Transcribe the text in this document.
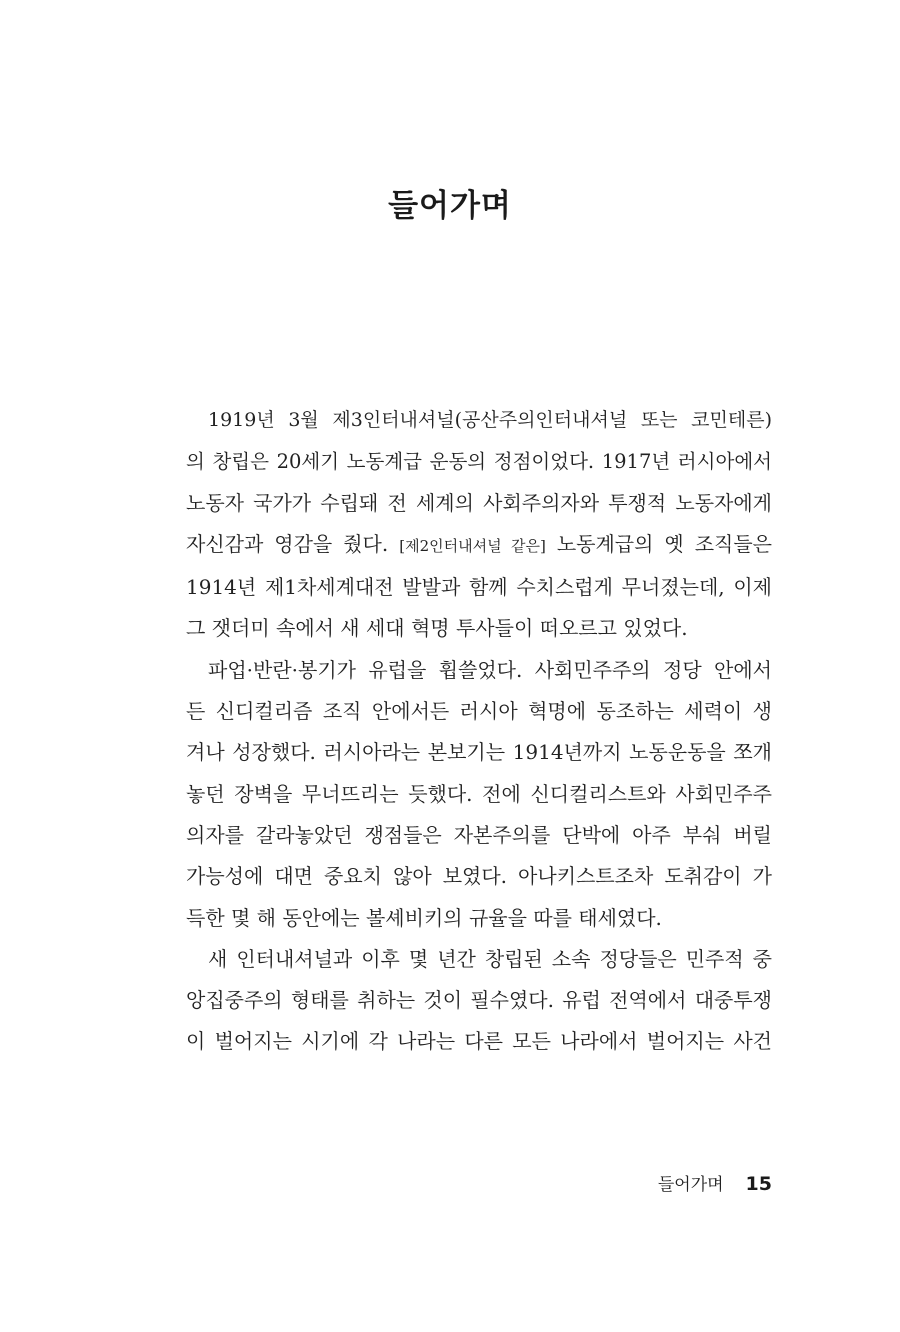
들어가며
1919년 3월 제3인터내셔널(공산주의인터내셔널 또는 코민테른)
의 창립은 20세기 노동계급 운동의 정점이었다. 1917년 러시아에서
노동자 국가가 수립돼 전 세계의 사회주의자와 투쟁적 노동자에게
자신감과 영감을 줬다. [제2인터내셔널 같은] 노동계급의 옛 조직들은
1914년 제1차세계대전 발발과 함께 수치스럽게 무너졌는데, 이제
그 잿더미 속에서 새 세대 혁명 투사들이 떠오르고 있었다.
파업·반란·봉기가 유럽을 휩쓸었다. 사회민주주의 정당 안에서
든 신디컬리즘 조직 안에서든 러시아 혁명에 동조하는 세력이 생
겨나 성장했다. 러시아라는 본보기는 1914년까지 노동운동을 쪼개
놓던 장벽을 무너뜨리는 듯했다. 전에 신디컬리스트와 사회민주주
의자를 갈라놓았던 쟁점들은 자본주의를 단박에 아주 부숴 버릴
가능성에 대면 중요치 않아 보였다. 아나키스트조차 도취감이 가
득한 몇 해 동안에는 볼셰비키의 규율을 따를 태세였다.
새 인터내셔널과 이후 몇 년간 창립된 소속 정당들은 민주적 중
앙집중주의 형태를 취하는 것이 필수였다. 유럽 전역에서 대중투쟁
이 벌어지는 시기에 각 나라는 다른 모든 나라에서 벌어지는 사건
들어가며 15
